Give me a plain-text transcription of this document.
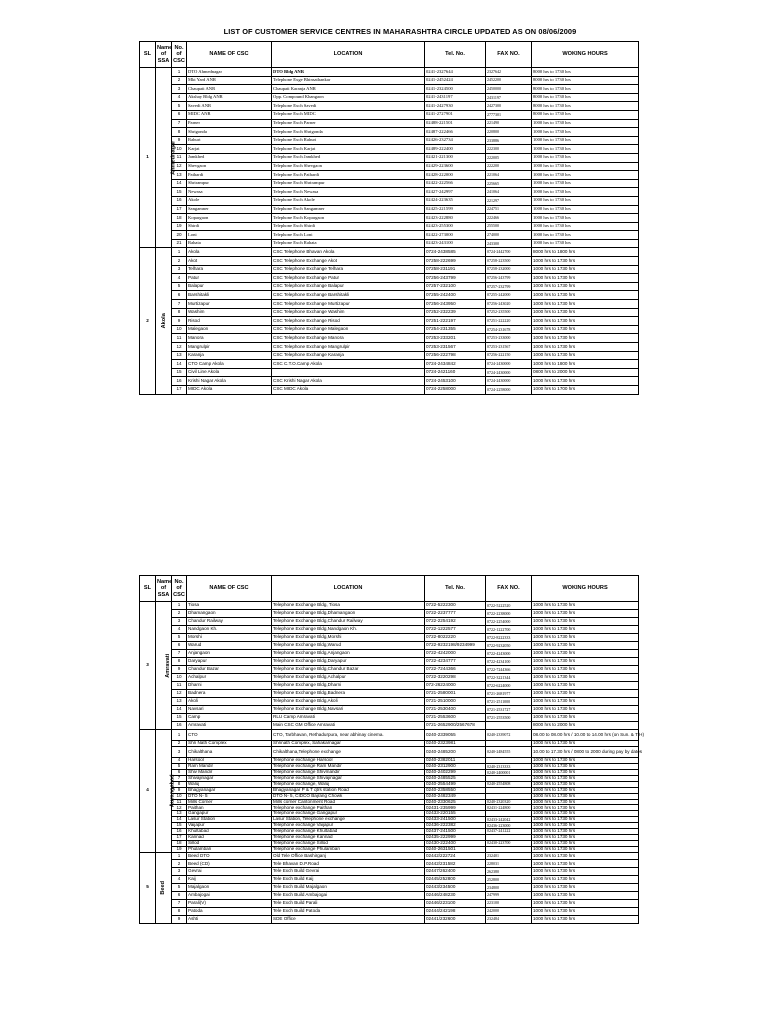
LIST OF CUSTOMER SERVICE CENTRES IN MAHARASHTRA CIRCLE UPDATED AS ON 08/06/2009
SL	Name of SSA	No. of CSC	NAME OF CSC	LOCATION	Tel. No.	FAX NO.	WOKING HOURS
1	Ahmednagar	1	DTO Ahmednagar	DTO Bldg ANR	0241-2327644	2327642	8000 hrs to 1730 hrs
		2	Mkt Yard ANR	Telephone Exge Bhinsathankar	0241-2452424	2452200	8000 hrs to 1730 hrs
		3	Chaupati ANR	Chaupati Karanja ANR	0241-2324500	2450000	8000 hrs to 1730 hrs
		4	Akshay Bldg ANR	Opp. Compound Khangaon	0241-2431197	2431197	8000 hrs to 1730 hrs
		5	Savedi ANR	Telephone Exch Savedi	0241-2427930	2427300	8000 hrs to 1730 hrs
		6	MIDC ANR	Telephone Exch MIDC	0241-2727901	2777301	8000 hrs to 1730 hrs
		7	Parner	Telephone Exch Parner	02488-221501	221490	1000 hrs to 1730 hrs
		8	Shrigonda	Telephone Exch Shrigonda	02487-222466	220800	1000 hrs to 1730 hrs
		9	Rahuri	Telephone Exch Rahuri	02426-232734	233886	1000 hrs to 1730 hrs
		10	Karjat	Telephone Exch Karjat	02489-222400	222300	1000 hrs to 1730 hrs
		11	Jamkhed	Telephone Exch Jamkhed	02421-221300	222005	1000 hrs to 1730 hrs
		12	Shevgaon	Telephone Exch Shevgaon	02429-223600	222200	1000 hrs to 1730 hrs
		13	Pathardi	Telephone Exch Pathardi	02428-222000	221064	1000 hrs to 1730 hrs
		14	Shrirampur	Telephone Exch Shrirampur	02422-222566	225665	1000 hrs to 1730 hrs
		15	Newasa	Telephone Exch Newasa	02427-242997	241064	1000 hrs to 1730 hrs
		16	Akole	Telephone Exch Akole	02424-223635	221297	1000 hrs to 1730 hrs
		17	Sangamner	Telephone Exch Sangamner	02425-221599	224751	1000 hrs to 1730 hrs
		18	Kopargaon	Telephone Exch Kopargaon	02423-222880	222466	1000 hrs to 1730 hrs
		19	Shirdi	Telephone Exch Shirdi	02423-255300	255500	1000 hrs to 1730 hrs
		20	Loni	Telephone Exch Loni	02422-273000	274000	1000 hrs to 1730 hrs
		21	Rahata	Telephone Exch Rahata	02423-243100	243300	1000 hrs to 1730 hrs
2	Akola	1	Akola	CSC Telephone Bhavan Akola	0724-2438585	0724-2442700	8000 hrs to 1800 hrs
		2	Akot	CSC Telephone Exchange Akot	07258-222699	07258-223500	1000 hrs to 1730 hrs
		3	Telhara	CSC Telephone Exchange Telhara	07258-231191	07258-232000	1000 hrs to 1730 hrs
		4	Patur	CSC Telephone Exchange Patur	07256-243799	07256-243799	1000 hrs to 1730 hrs
		5	Balapur	CSC Telephone Exchange Balapur	07257-232100	07257-232799	1000 hrs to 1730 hrs
		6	Barshitakli	CSC Telephone Exchange Barshitakli	07255-242400	07255-242000	1000 hrs to 1730 hrs
		7	Murtizapur	CSC Telephone Exchange Murtizapur	07256-243950	07256-243020	1000 hrs to 1730 hrs
		8	Washim	CSC Telephone Exchange Washim	07252-232239	07252-235500	1000 hrs to 1730 hrs
		9	Risod	CSC Telephone Exchange Risod	07251-222197	07251-222220	1000 hrs to 1730 hrs
		10	Malegaon	CSC Telephone Exchange Malegaon	07254-231355	07254-231678	1000 hrs to 1730 hrs
		11	Manora	CSC Telephone Exchange Manora	07253-233201	07253-233000	1000 hrs to 1730 hrs
		12	Mangrulpir	CSC Telephone Exchange Mangrulpir	07253-231567	07253-231567	1000 hrs to 1730 hrs
		13	Karanja	CSC Telephone Exchange Karanja	07256-222798	07256-222150	1000 hrs to 1730 hrs
		14	CTO Camp Akola	CSC C.T.O.Camp Akola	0724-2434842	0724-2430000	1000 hrs to 1800 hrs
		15	Civil Line Akola		0724-2421160	0724-2430000	0800 hrs to 2000 hrs
		16	Krishi Nagar Akola	CSC Krishi Nagar Akola	0724-2453100	0724-2430000	1000 hrs to 1730 hrs
		17	MIDC Akola	CSC MIDC Akola	0724-2258000	0724-2258000	1000 hrs to 1700 hrs
SL	Name of SSA	No. of CSC	NAME OF CSC	LOCATION	Tel. No.	FAX NO.	WOKING HOURS
3	Amravati	1	Tiosa	Telephone Exchange Bldg, Tiosa	0722-5222300	0722-5222520	1000 hrs to 1730 hrs
		2	Dhamangaon	Telephone Exchange Bldg,Dhamangaon	0722-2237777	0722-2238000	1000 hrs to 1730 hrs
		3	Chandur Railway	Telephone Exchange Bldg,Chandur Railway	0722-2254192	0722-2254000	1000 hrs to 1730 hrs
		4	Nandgaon Kh.	Telephone Exchange Bldg,Nandgaon Kh.	0722-1222577	0722-1222700	1000 hrs to 1730 hrs
		5	Morshi	Telephone Exchange Bldg,Morshi	0722-8022220	0722-8222333	1000 hrs to 1730 hrs
		6	Warud	Telephone Exchange Bldg,Warud	0722-9232198/9234999	0722-9232050	1000 hrs to 1730 hrs
		7	Anjangaon	Telephone Exchange Bldg,Anjangaon	0722-4242000	0722-4243000	1000 hrs to 1730 hrs
		8	Daryapur	Telephone Exchange Bldg,Daryapur	0722-4234777	0722-4234100	1000 hrs to 1730 hrs
		9	Chandur Bazar	Telephone Exchange Bldg,Chandur Bazar	0722-7244366	0722-7244366	1000 hrs to 1730 hrs
		10	Achalpur	Telephone Exchange Bldg,Achalpur	0722-3220298	0722-3221344	1000 hrs to 1730 hrs
		11	Dharni	Telephone Exchange Bldg,Dharni	072-26224000	0722-6224000	1000 hrs to 1730 hrs
		12	Badnera	Telephone Exchange Bldg,Badnera	0721-2580001	0721-2681977	1000 hrs to 1730 hrs
		13	Akoli	Telephone Exchange Bldg,Akoli	0721-2510000	0721-2511000	1000 hrs to 1730 hrs
		14	Navsari	Telephone Exchange Bldg,Navsari	0721-2530400	0721-2531727	1000 hrs to 1730 hrs
		15	Camp	RLU Camp Amravati	0721-2553600	0721-2553500	1000 hrs to 1730 hrs
		16	Amravati	Main CSC GM Office Amravati	0721-2652900/2567678		8000 hrs to 2000 hrs
4	Aurangabad	1	CTO	CTO, Tarbhavan, Rethadurpura, near abhinay cinema.	0240-2339055	0240-2339072	08.00 to 08.00 hrs / 10.00 to 14.00 hrs (on Sun. & T/H)
		2	Shri Nath Complex	Shrinath Complex, Sahakarnagar	0240-2323981		1000 hrs to 1730 hrs
		3	Chikalthana	Chikalthana,Telephone exchange	0240-2485200	0240-2484555	10.00 to 17.30 hrs / 0800 to 2000 during pay by dates
		4	Harsool	Telephone exchange Harsool	0240-2382011		1000 hrs to 1730 hrs
		5	Ram Mandir	Telephone exchange Ram Mandir	0240-2312900	0240-2313333	1000 hrs to 1730 hrs
		6	Shiv Mandir	Telephone exchange Shivmandir	0240-2402299	0240-2400001	1000 hrs to 1730 hrs
		7	Shivajinagar	Telephone exchange Shivajinagar	0240-2485525		1000 hrs to 1730 hrs
		8	Waluj	Telephone exchange, Waluj	0240-2554499	0240-2554808	1000 hrs to 1730 hrs
		9	Bhagyanagar	Bhagyanagar P & T qtrs station Road	0240-2358550		1000 hrs to 1730 hrs
		10	DTO N- 5	DTO N- 5, CIDCO Bajrang Chowk	0240-2482349		1000 hrs to 1730 hrs
		11	Mills Corner	Mills corner Cantonment Road	0240-2330625	0240-2320320	1000 hrs to 1730 hrs
		12	Paithan	Telephone exchange Paithan	02431-235999	02431-224800	1000 hrs to 1730 hrs
		13	Gangapur	Telephone exchange Gangapur	02433-220155		1000 hrs to 1730 hrs
		14	Lasur Station	Lasur Station, Telephone exchange	02433-241500	02433-242042	1000 hrs to 1730 hrs
		15	Vaijapur	Telephone exchange Vaijapur	02436-222382	02436-223000	1000 hrs to 1730 hrs
		16	Khultabad	Telephone exchange Khultabad	02437-241500	02437-241222	1000 hrs to 1730 hrs
		17	Kannad	Telephone exchange Kannad	02435-222999		1000 hrs to 1730 hrs
		18	Sillod	Telephone exchange Sillod	02430-222400	02430-223700	1000 hrs to 1730 hrs
		19	Phulambari	Telephone exchange Phulambari	0240-2631501		1000 hrs to 1730 hrs
5	Beed	1	Beed DTO	Old Tele Office Bashirganj	02442/222724	232401	1000 hrs to 1730 hrs
		2	Beed (CD)	Tele Bhavan D.P.Road	02442/231582	228031	1000 hrs to 1730 hrs
		3	Gevrai	Tele Exch Build Gevrai	02447/262400	262380	1000 hrs to 1730 hrs
		4	Kaij	Tele Exch Build Kaij	02445/252800	252800	1000 hrs to 1730 hrs
		5	Majalgaon	Tele Exch Build Majalgaon	02443/234500	234800	1000 hrs to 1730 hrs
		6	Ambajogai	Tele Exch Build Ambajogai	02446/248230	247999	1000 hrs to 1730 hrs
		7	Parali(V)	Tele Exch Build Parali	02446/223100	223100	1000 hrs to 1730 hrs
		8	Patoda	Tele Exch Build Patoda	02444/242198	242000	1000 hrs to 1730 hrs
		9	Ashti	SDE Office	02441/232600	232484	1000 hrs to 1730 hrs
